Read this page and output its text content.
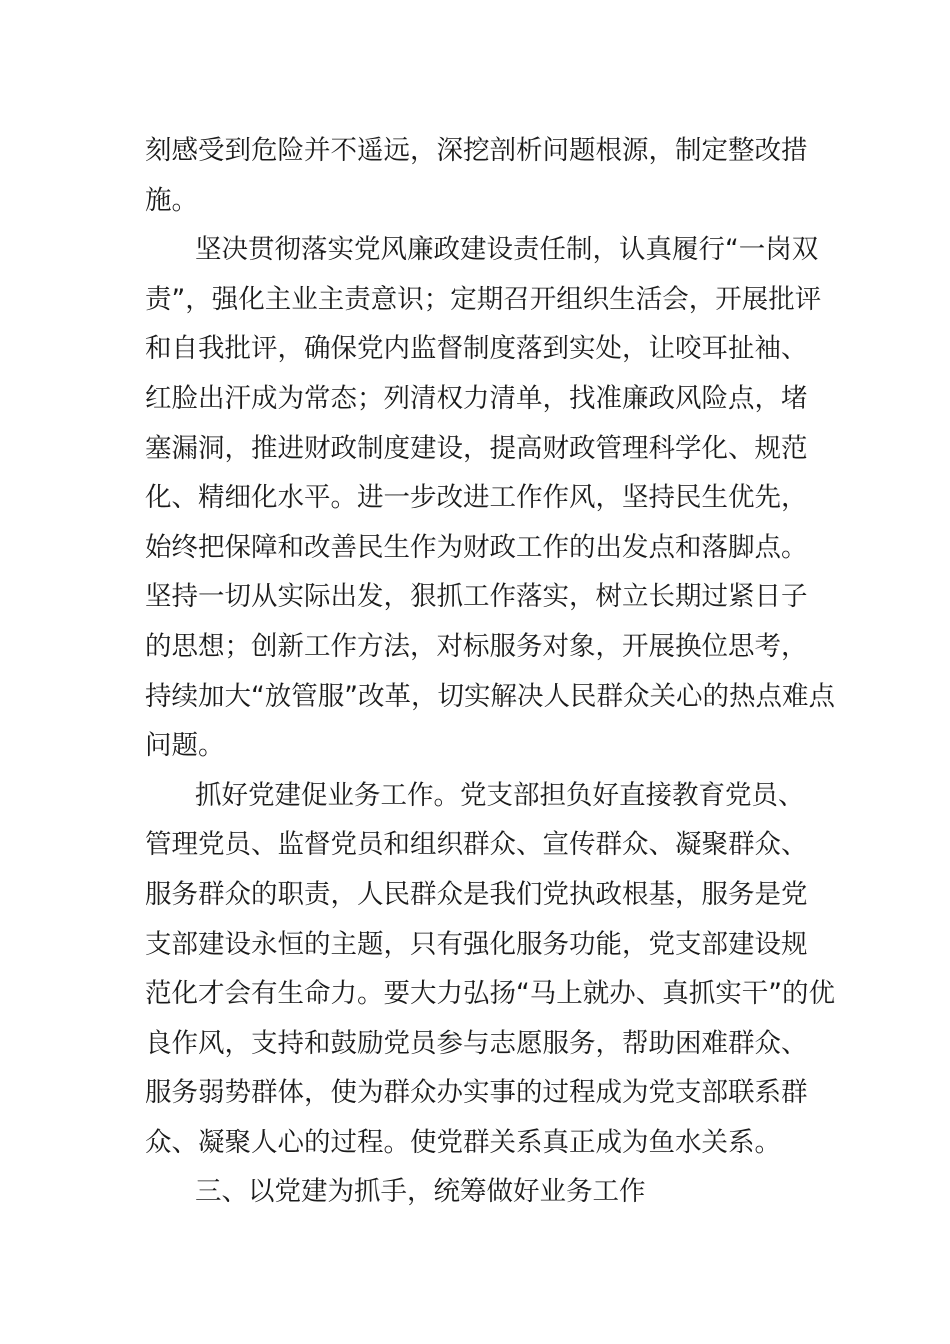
刻感受到危险并不遥远，深挖剖析问题根源，制定整改措
施。
坚决贯彻落实党风廉政建设责任制，认真履行“一岗双
责”，强化主业主责意识；定期召开组织生活会，开展批评
和自我批评，确保党内监督制度落到实处，让咬耳扯袖、
红脸出汗成为常态；列清权力清单，找准廉政风险点，堵
塞漏洞，推进财政制度建设，提高财政管理科学化、规范
化、精细化水平。进一步改进工作作风，坚持民生优先，
始终把保障和改善民生作为财政工作的出发点和落脚点。
坚持一切从实际出发，狠抓工作落实，树立长期过紧日子
的思想；创新工作方法，对标服务对象，开展换位思考，
持续加大“放管服”改革，切实解决人民群众关心的热点难点
问题。
抓好党建促业务工作。党支部担负好直接教育党员、
管理党员、监督党员和组织群众、宣传群众、凝聚群众、
服务群众的职责，人民群众是我们党执政根基，服务是党
支部建设永恒的主题，只有强化服务功能，党支部建设规
范化才会有生命力。要大力弘扬“马上就办、真抓实干”的优
良作风，支持和鼓励党员参与志愿服务，帮助困难群众、
服务弱势群体，使为群众办实事的过程成为党支部联系群
众、凝聚人心的过程。使党群关系真正成为鱼水关系。
三、以党建为抓手，统筹做好业务工作
